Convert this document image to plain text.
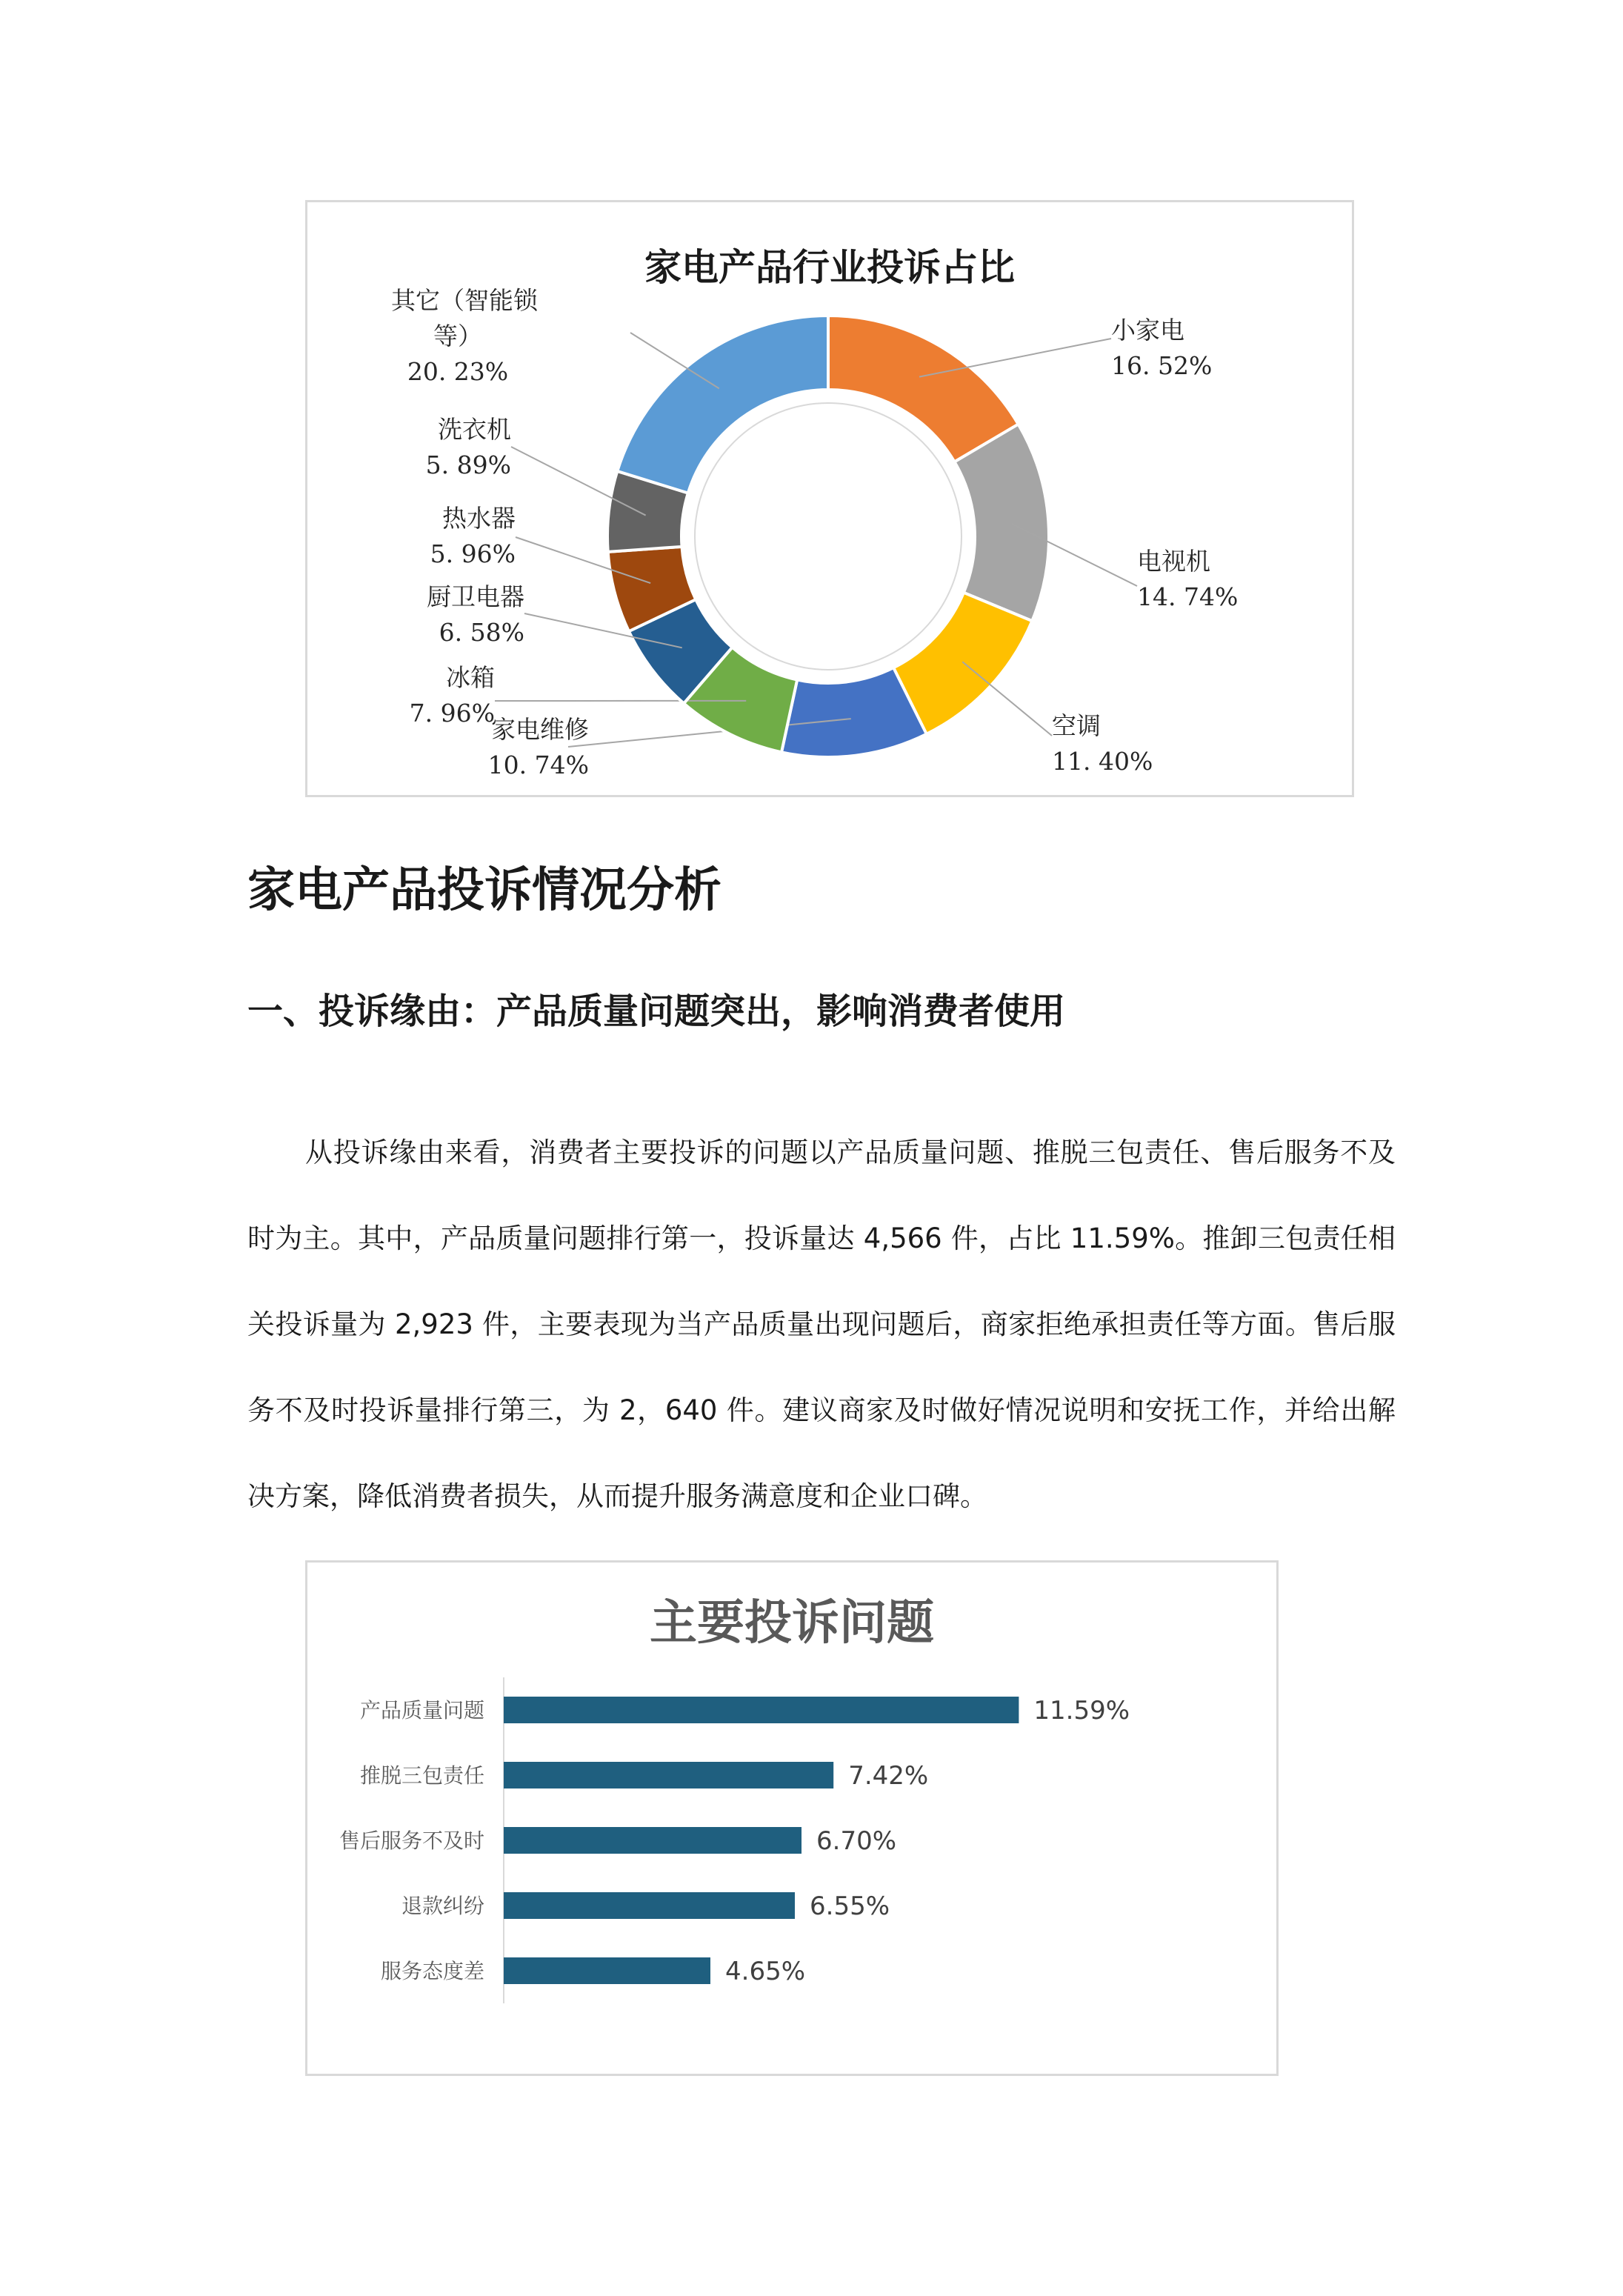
家电产品行业投诉占比
小家电
16. 52%
电视机
14. 74%
空调
11. 40%
家电维修
10. 74%
冰箱
7. 96%
厨卫电器
6. 58%
热水器
5. 96%
洗衣机
5. 89%
其它（智能锁
等）
20. 23%
家电产品投诉情况分析
一、投诉缘由：产品质量问题突出，影响消费者使用

从投诉缘由来看，消费者主要投诉的问题以产品质量问题、推脱三包责任、售后服务不及时为主。其中，产品质量问题排行第一，投诉量达 4,566 件，占比 11.59%。推卸三包责任相关投诉量为 2,923 件，主要表现为当产品质量出现问题后，商家拒绝承担责任等方面。售后服务不及时投诉量排行第三，为 2，640 件。建议商家及时做好情况说明和安抚工作，并给出解决方案，降低消费者损失，从而提升服务满意度和企业口碑。

主要投诉问题
产品质量问题	11.59%
推脱三包责任	7.42%
售后服务不及时	6.70%
退款纠纷	6.55%
服务态度差	4.65%
